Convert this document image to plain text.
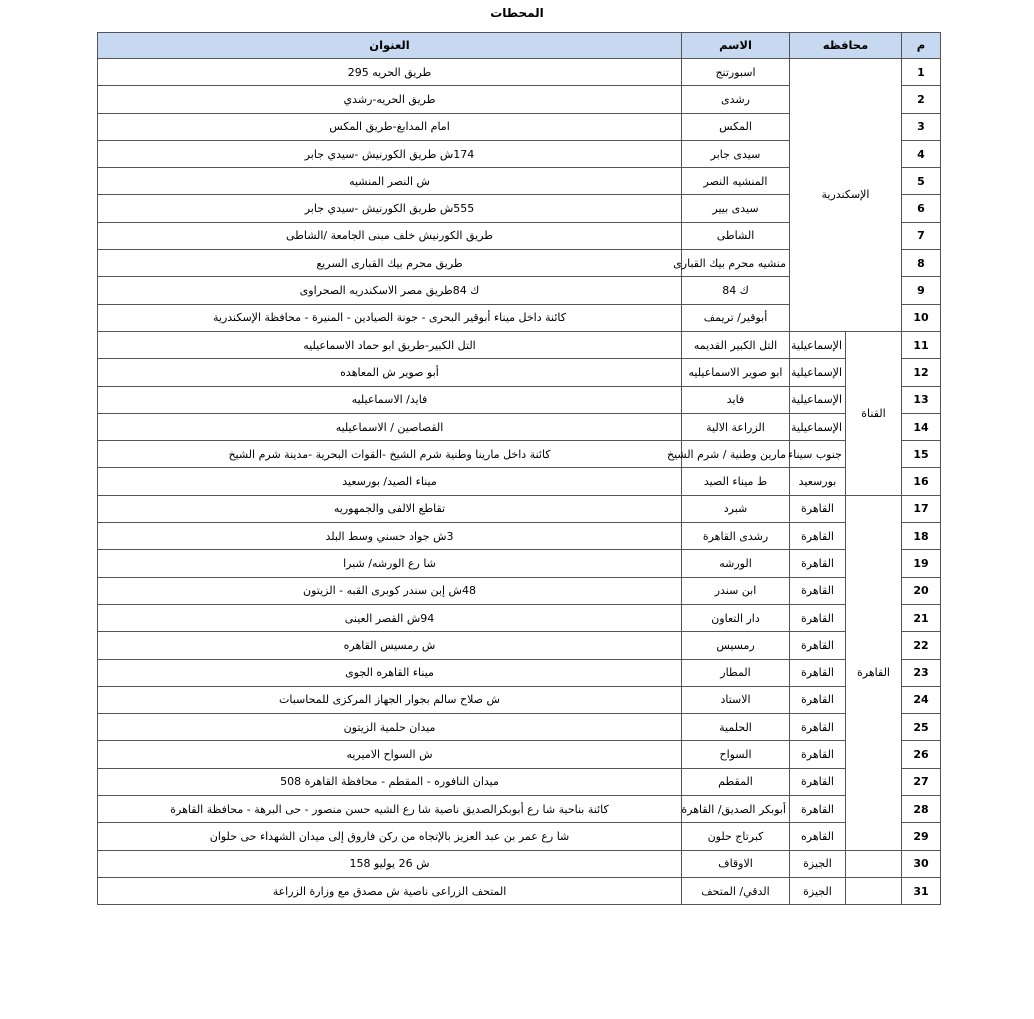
المحطات
م	محافظه		الاسم	العنوان
1	الإسكندرية		اسبورتنج	طريق الحريه 295
2			رشدى	طريق الحريه-رشدي
3			المكس	امام المدابغ-طريق المكس
4			سيدى جابر	174ش طريق الكورنيش -سيدي جابر
5			المنشيه النصر	ش النصر المنشيه
6			سيدى بيير	555ش طريق الكورنيش -سيدي جابر
7			الشاطى	طريق الكورنيش خلف مبنى الجامعة /الشاطى
8			منشيه محرم بيك القبارى	طريق محرم بيك القبارى السريع
9			ك 84	ك 84طريق مصر الاسكندريه الصحراوى
10			أبوقير/ تريمف	كائنة داخل ميناء أبوقير البحرى - جونة الصيادين - المنيرة - محافظة الإسكندرية
11	القناة	الإسماعيلية	التل الكبير القديمه	التل الكبير-طريق ابو حماد الاسماعيليه
12		الإسماعيلية	ابو صوير الاسماعيليه	أبو صوير ش المعاهده
13		الإسماعيلية	فايد	فايد/ الاسماعيليه
14		الإسماعيلية	الزراعة الالية	القصاصين / الاسماعيليه
15		جنوب سيناء	مارين وطنية / شرم الشيخ	كائنة داخل مارينا وطنية شرم الشيخ -القوات البحرية -مدينة شرم الشيخ
16		بورسعيد	ط ميناء الصيد	ميناء الصيد/ بورسعيد
17	القاهرة	القاهرة	شبرد	تقاطع الالفى والجمهوريه
18		القاهرة	رشدى القاهرة	3ش جواد حسني وسط البلد
19		القاهرة	الورشه	شا رع الورشه/ شبرا
20		القاهرة	ابن سندر	48ش إبن سندر كوبرى القبه - الزيتون
21		القاهرة	دار التعاون	94ش القصر العينى
22		القاهرة	رمسيس	ش رمسيس القاهره
23		القاهرة	المطار	ميناء القاهره الجوى
24		القاهرة	الاستاد	ش صلاح سالم بجوار الجهاز المركزى للمحاسبات
25		القاهرة	الحلمية	ميدان حلمية الزيتون
26		القاهرة	السواح	ش السواح الاميريه
27		القاهرة	المقطم	ميدان النافوره - المقطم - محافظة القاهرة 508
28		القاهرة	أبوبكر الصديق/ القاهرة	كائنة بناحية شا رع أبوبكرالصديق ناصية شا رع الشيه حسن منصور - حى البرهة - محافظة القاهرة
29		القاهره	كبرتاج حلون	شا رع عمر بن عبد العزيز بالإتجاه من ركن فاروق إلى ميدان الشهداء حى حلوان
30		الجيزة	الاوقاف	ش 26 يوليو 158
31		الجيزة	الدقي/ المتحف	المتحف الزراعى ناصية ش مصدق مع وزارة الزراعة
